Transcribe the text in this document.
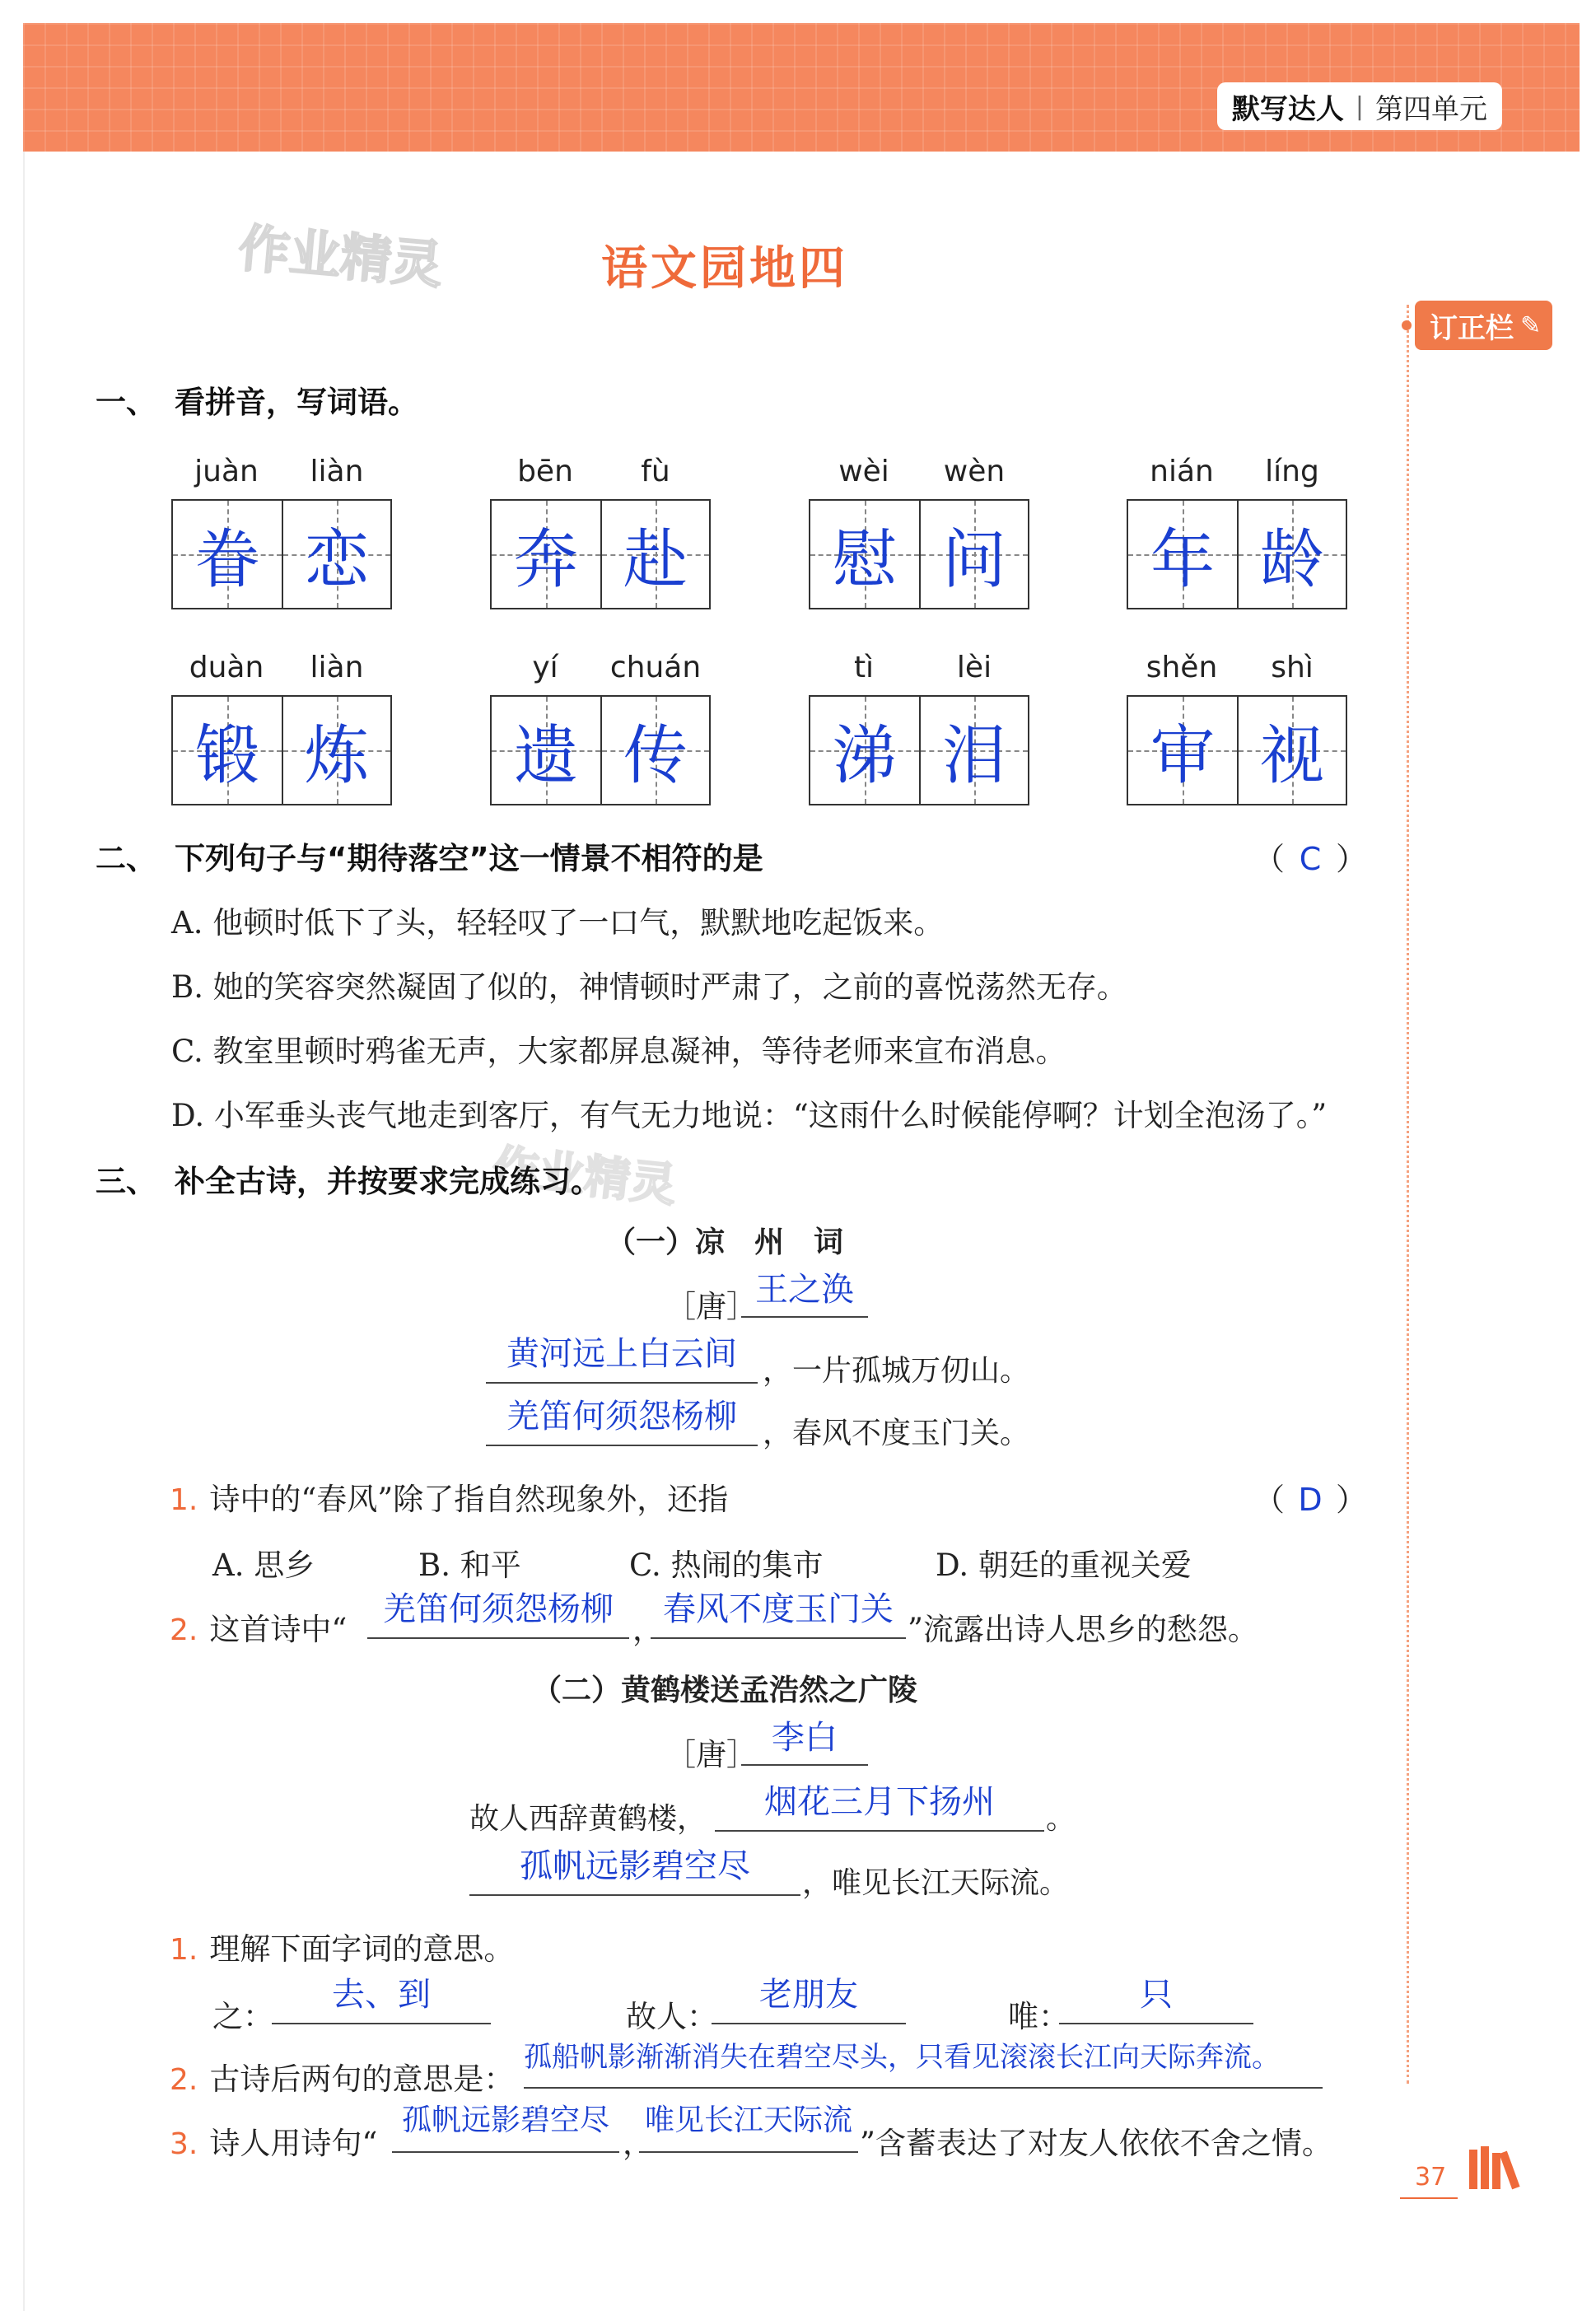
默写达人 | 第四单元
作业精灵
作业精灵
语文园地四
订正栏 ✎
一、 看拼音，写词语。
juàn	liàn
眷 恋
bēn	fù
奔 赴
wèi	wèn
慰 问
nián	líng
年 龄
duàn	liàn
锻 炼
yí	chuán
遗 传
tì	lèi
涕 泪
shěn	shì
审 视
二、 下列句子与“期待落空”这一情景不相符的是	（ C ）
A. 他顿时低下了头，轻轻叹了一口气，默默地吃起饭来。
B. 她的笑容突然凝固了似的，神情顿时严肃了，之前的喜悦荡然无存。
C. 教室里顿时鸦雀无声，大家都屏息凝神，等待老师来宣布消息。
D. 小军垂头丧气地走到客厅，有气无力地说：“这雨什么时候能停啊？计划全泡汤了。”
三、 补全古诗，并按要求完成练习。
（一）凉　州　词
［唐］
王之涣
黄河远上白云间 ，一片孤城万仞山。
羌笛何须怨杨柳 ，春风不度玉门关。
1. 诗中的“春风”除了指自然现象外，还指	（ D ）
A. 思乡	B. 和平	C. 热闹的集市	D. 朝廷的重视关爱
2. 这首诗中“
羌笛何须怨杨柳
，
春风不度玉门关
”流露出诗人思乡的愁怨。
（二）黄鹤楼送孟浩然之广陵
［唐］ 李白
故人西辞黄鹤楼，	烟花三月下扬州	。
孤帆远影碧空尽	，唯见长江天际流。
1. 理解下面字词的意思。
之：
去、到
故人：
老朋友
唯：
只
2. 古诗后两句的意思是：
孤船帆影渐渐消失在碧空尽头，只看见滚滚长江向天际奔流。
3. 诗人用诗句“
孤帆远影碧空尽
，
唯见长江天际流
”含蓄表达了对友人依依不舍之情。
37
